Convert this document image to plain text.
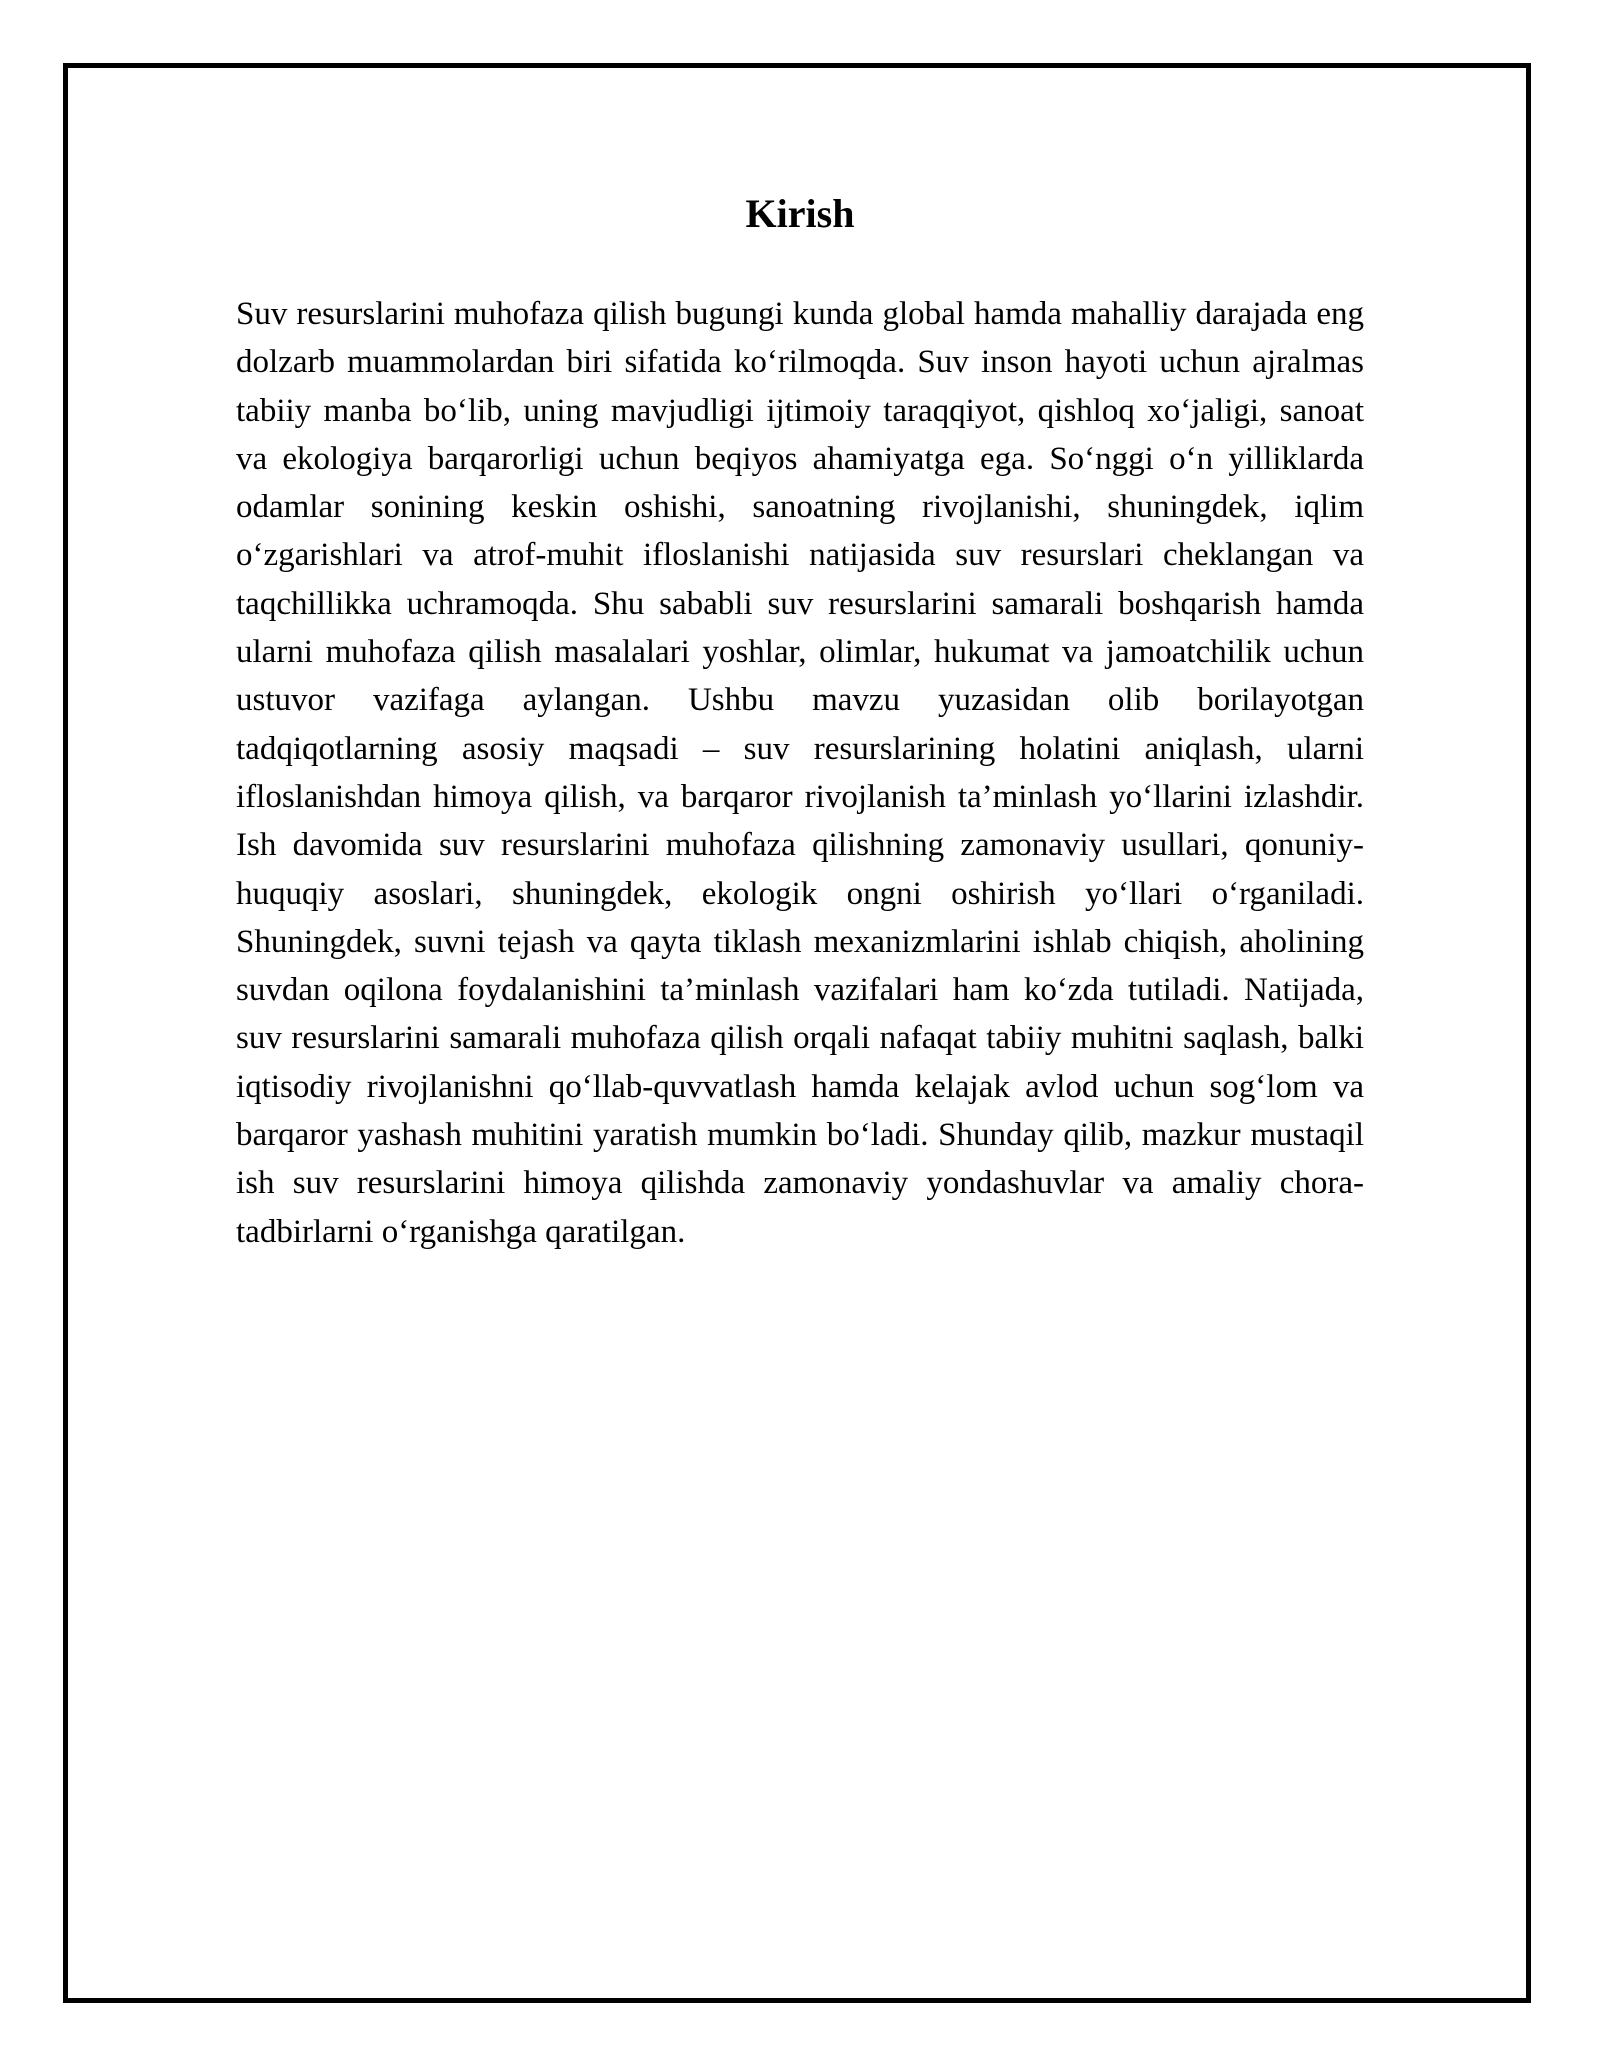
Kirish

Suv resurslarini muhofaza qilish bugungi kunda global hamda mahalliy darajada eng dolzarb muammolardan biri sifatida ko‘rilmoqda. Suv inson hayoti uchun ajralmas tabiiy manba bo‘lib, uning mavjudligi ijtimoiy taraqqiyot, qishloq xo‘jaligi, sanoat va ekologiya barqarorligi uchun beqiyos ahamiyatga ega. So‘nggi o‘n yilliklarda odamlar sonining keskin oshishi, sanoatning rivojlanishi, shuningdek, iqlim o‘zgarishlari va atrof-muhit ifloslanishi natijasida suv resurslari cheklangan va taqchillikka uchramoqda. Shu sababli suv resurslarini samarali boshqarish hamda ularni muhofaza qilish masalalari yoshlar, olimlar, hukumat va jamoatchilik uchun ustuvor vazifaga aylangan. Ushbu mavzu yuzasidan olib borilayotgan tadqiqotlarning asosiy maqsadi – suv resurslarining holatini aniqlash, ularni ifloslanishdan himoya qilish, va barqaror rivojlanish ta’minlash yo‘llarini izlashdir. Ish davomida suv resurslarini muhofaza qilishning zamonaviy usullari, qonuniy-huquqiy asoslari, shuningdek, ekologik ongni oshirish yo‘llari o‘rganiladi. Shuningdek, suvni tejash va qayta tiklash mexanizmlarini ishlab chiqish, aholining suvdan oqilona foydalanishini ta’minlash vazifalari ham ko‘zda tutiladi. Natijada, suv resurslarini samarali muhofaza qilish orqali nafaqat tabiiy muhitni saqlash, balki iqtisodiy rivojlanishni qo‘llab-quvvatlash hamda kelajak avlod uchun sog‘lom va barqaror yashash muhitini yaratish mumkin bo‘ladi. Shunday qilib, mazkur mustaqil ish suv resurslarini himoya qilishda zamonaviy yondashuvlar va amaliy chora-tadbirlarni o‘rganishga qaratilgan.
